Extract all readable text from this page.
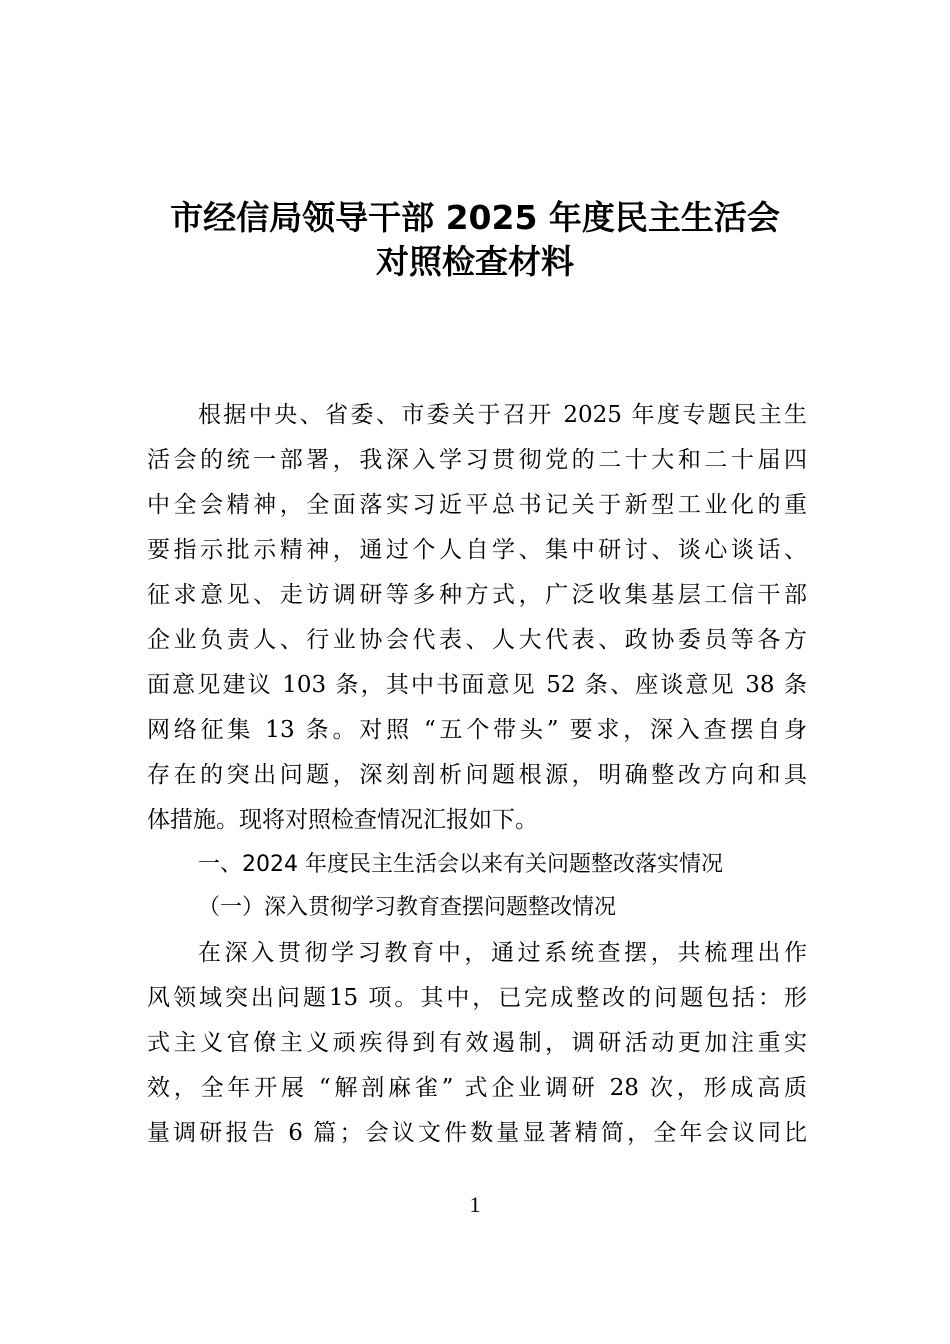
市经信局领导干部 2025 年度民主生活会
对照检查材料
根据中央、省委、市委关于召开 2025 年度专题民主生
活会的统一部署，我深入学习贯彻党的二十大和二十届四
中全会精神，全面落实习近平总书记关于新型工业化的重
要指示批示精神，通过个人自学、集中研讨、谈心谈话、
征求意见、走访调研等多种方式，广泛收集基层工信干部
企业负责人、行业协会代表、人大代表、政协委员等各方
面意见建议 103 条，其中书面意见 52 条、座谈意见 38 条
网络征集 13 条。对照 “五个带头” 要求，深入查摆自身
存在的突出问题，深刻剖析问题根源，明确整改方向和具
体措施。现将对照检查情况汇报如下。
一、2024 年度民主生活会以来有关问题整改落实情况
（一）深入贯彻学习教育查摆问题整改情况
在深入贯彻学习教育中，通过系统查摆，共梳理出作
风领域突出问题15 项。其中，已完成整改的问题包括：形
式主义官僚主义顽疾得到有效遏制，调研活动更加注重实
效，全年开展 “解剖麻雀” 式企业调研 28 次，形成高质
量调研报告 6 篇；会议文件数量显著精简，全年会议同比
1
